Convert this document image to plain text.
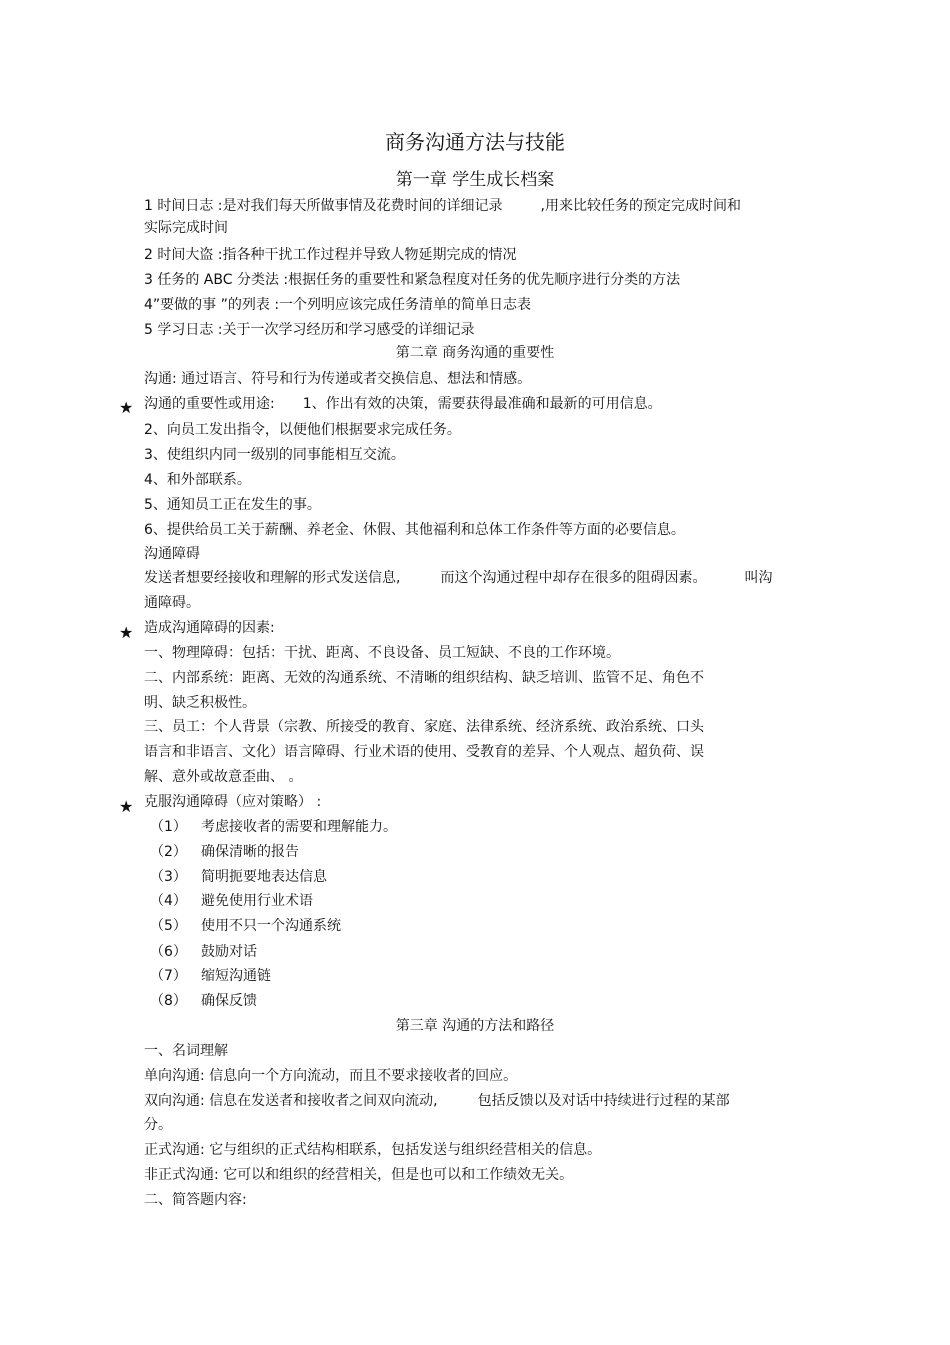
商务沟通方法与技能
第一章 学生成长档案
1 时间日志 :是对我们每天所做事情及花费时间的详细记录	,用来比较任务的预定完成时间和
实际完成时间
2 时间大盗 :指各种干扰工作过程并导致人物延期完成的情况
3 任务的 ABC 分类法 :根据任务的重要性和紧急程度对任务的优先顺序进行分类的方法
4”要做的事 ”的列表 :一个列明应该完成任务清单的简单日志表
5 学习日志 :关于一次学习经历和学习感受的详细记录
第二章 商务沟通的重要性
沟通: 通过语言、符号和行为传递或者交换信息、想法和情感。
★ 沟通的重要性或用途: 1、作出有效的决策，需要获得最准确和最新的可用信息。
2、向员工发出指令，以便他们根据要求完成任务。
3、使组织内同一级别的同事能相互交流。
4、和外部联系。
5、通知员工正在发生的事。
6、提供给员工关于薪酬、养老金、休假、其他福利和总体工作条件等方面的必要信息。
沟通障碍
发送者想要经接收和理解的形式发送信息,	而这个沟通过程中却存在很多的阻碍因素。	叫沟
通障碍。
★ 造成沟通障碍的因素:
一、物理障碍：包括：干扰、距离、不良设备、员工短缺、不良的工作环境。
二、内部系统：距离、无效的沟通系统、不清晰的组织结构、缺乏培训、监管不足、角色不
明、缺乏积极性。
三、员工：个人背景（宗教、所接受的教育、家庭、法律系统、经济系统、政治系统、口头
语言和非语言、文化）语言障碍、行业术语的使用、受教育的差异、个人观点、超负荷、误
解、意外或故意歪曲、 。
★ 克服沟通障碍（应对策略） :
（1） 考虑接收者的需要和理解能力。
（2） 确保清晰的报告
（3） 简明扼要地表达信息
（4） 避免使用行业术语
（5） 使用不只一个沟通系统
（6） 鼓励对话
（7） 缩短沟通链
（8） 确保反馈
第三章 沟通的方法和路径
一、名词理解
单向沟通: 信息向一个方向流动，而且不要求接收者的回应。
双向沟通: 信息在发送者和接收者之间双向流动,	包括反馈以及对话中持续进行过程的某部
分。
正式沟通: 它与组织的正式结构相联系，包括发送与组织经营相关的信息。
非正式沟通: 它可以和组织的经营相关，但是也可以和工作绩效无关。
二、简答题内容:
